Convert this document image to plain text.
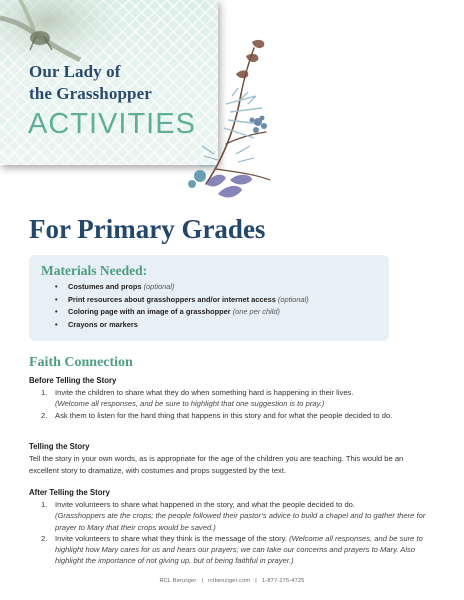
Our Lady of
the Grasshopper
ACTIVITIES
For Primary Grades
Materials Needed:
• Costumes and props (optional)
• Print resources about grasshoppers and/or internet access (optional)
• Coloring page with an image of a grasshopper (one per child)
• Crayons or markers
Faith Connection
Before Telling the Story
1. Invite the children to share what they do when something hard is happening in their lives.
(Welcome all responses, and be sure to highlight that one suggestion is to pray.)
2. Ask them to listen for the hard thing that happens in this story and for what the people decided to do.
Telling the Story
Tell the story in your own words, as is appropriate for the age of the children you are teaching. This would be an excellent story to dramatize, with costumes and props suggested by the text.
After Telling the Story
1. Invite volunteers to share what happened in the story, and what the people decided to do.
(Grasshoppers ate the crops; the people followed their pastor’s advice to build a chapel and to gather there for prayer to Mary that their crops would be saved.)
2. Invite volunteers to share what they think is the message of the story. (Welcome all responses, and be sure to highlight how Mary cares for us and hears our prayers; we can take our concerns and prayers to Mary. Also highlight the importance of not giving up, but of being faithful in prayer.)
RCL Benziger | rclbenziger.com | 1-877-275-4725
